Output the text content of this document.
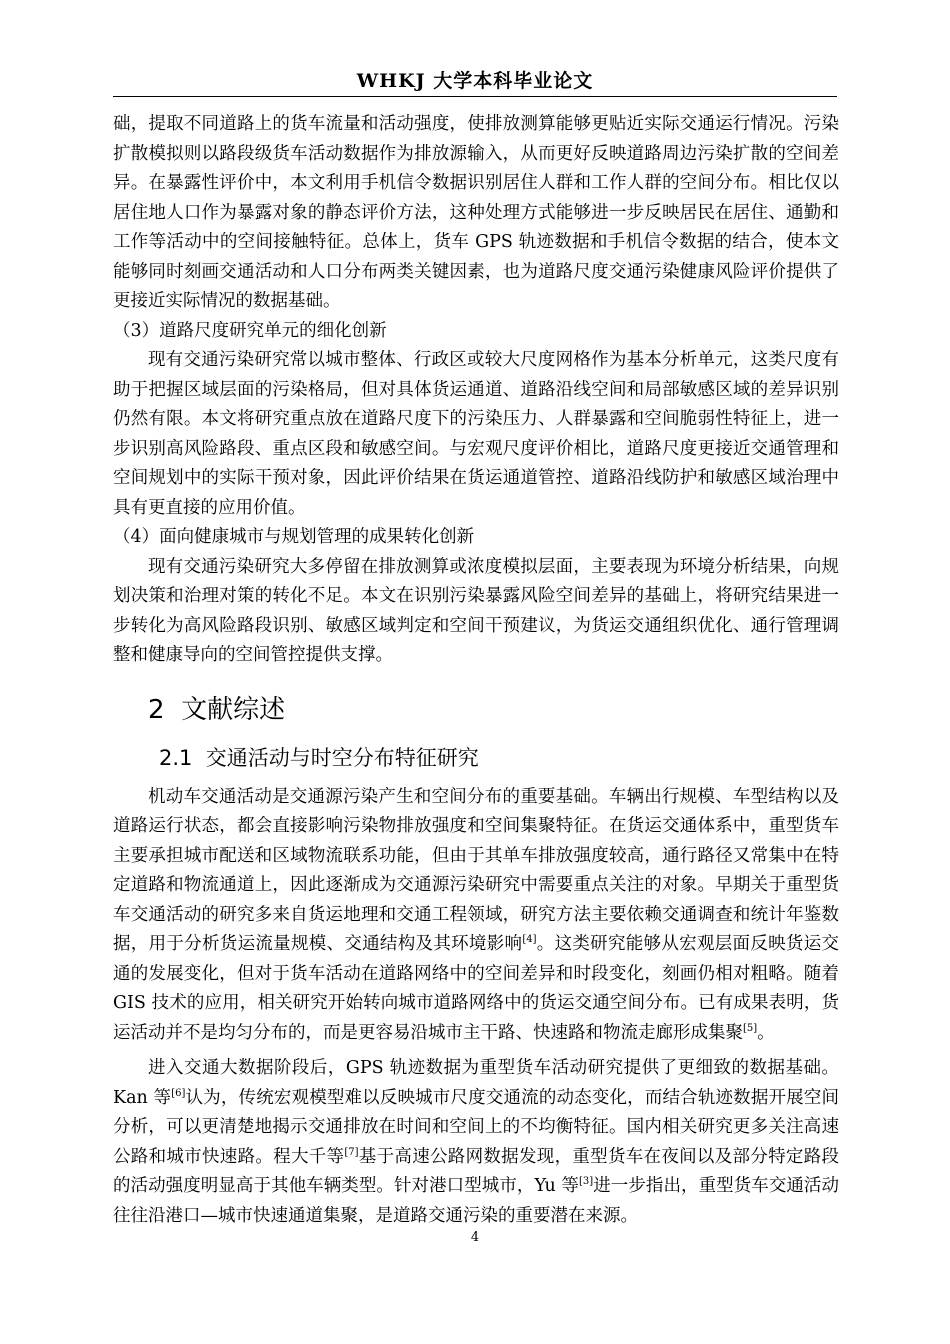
WHKJ 大学本科毕业论文

础，提取不同道路上的货车流量和活动强度，使排放测算能够更贴近实际交通运行情况。污染扩散模拟则以路段级货车活动数据作为排放源输入，从而更好反映道路周边污染扩散的空间差异。在暴露性评价中，本文利用手机信令数据识别居住人群和工作人群的空间分布。相比仅以居住地人口作为暴露对象的静态评价方法，这种处理方式能够进一步反映居民在居住、通勤和工作等活动中的空间接触特征。总体上，货车 GPS 轨迹数据和手机信令数据的结合，使本文能够同时刻画交通活动和人口分布两类关键因素，也为道路尺度交通污染健康风险评价提供了更接近实际情况的数据基础。

（3）道路尺度研究单元的细化创新

现有交通污染研究常以城市整体、行政区或较大尺度网格作为基本分析单元，这类尺度有助于把握区域层面的污染格局，但对具体货运通道、道路沿线空间和局部敏感区域的差异识别仍然有限。本文将研究重点放在道路尺度下的污染压力、人群暴露和空间脆弱性特征上，进一步识别高风险路段、重点区段和敏感空间。与宏观尺度评价相比，道路尺度更接近交通管理和空间规划中的实际干预对象，因此评价结果在货运通道管控、道路沿线防护和敏感区域治理中具有更直接的应用价值。

（4）面向健康城市与规划管理的成果转化创新

现有交通污染研究大多停留在排放测算或浓度模拟层面，主要表现为环境分析结果，向规划决策和治理对策的转化不足。本文在识别污染暴露风险空间差异的基础上，将研究结果进一步转化为高风险路段识别、敏感区域判定和空间干预建议，为货运交通组织优化、通行管理调整和健康导向的空间管控提供支撑。

2 文献综述
2.1 交通活动与时空分布特征研究

机动车交通活动是交通源污染产生和空间分布的重要基础。车辆出行规模、车型结构以及道路运行状态，都会直接影响污染物排放强度和空间集聚特征。在货运交通体系中，重型货车主要承担城市配送和区域物流联系功能，但由于其单车排放强度较高，通行路径又常集中在特定道路和物流通道上，因此逐渐成为交通源污染研究中需要重点关注的对象。早期关于重型货车交通活动的研究多来自货运地理和交通工程领域，研究方法主要依赖交通调查和统计年鉴数据，用于分析货运流量规模、交通结构及其环境影响[4]。这类研究能够从宏观层面反映货运交通的发展变化，但对于货车活动在道路网络中的空间差异和时段变化，刻画仍相对粗略。随着 GIS 技术的应用，相关研究开始转向城市道路网络中的货运交通空间分布。已有成果表明，货运活动并不是均匀分布的，而是更容易沿城市主干路、快速路和物流走廊形成集聚[5]。

进入交通大数据阶段后，GPS 轨迹数据为重型货车活动研究提供了更细致的数据基础。Kan 等[6]认为，传统宏观模型难以反映城市尺度交通流的动态变化，而结合轨迹数据开展空间分析，可以更清楚地揭示交通排放在时间和空间上的不均衡特征。国内相关研究更多关注高速公路和城市快速路。程大千等[7]基于高速公路网数据发现，重型货车在夜间以及部分特定路段的活动强度明显高于其他车辆类型。针对港口型城市，Yu 等[3]进一步指出，重型货车交通活动往往沿港口—城市快速通道集聚，是道路交通污染的重要潜在来源。

4
